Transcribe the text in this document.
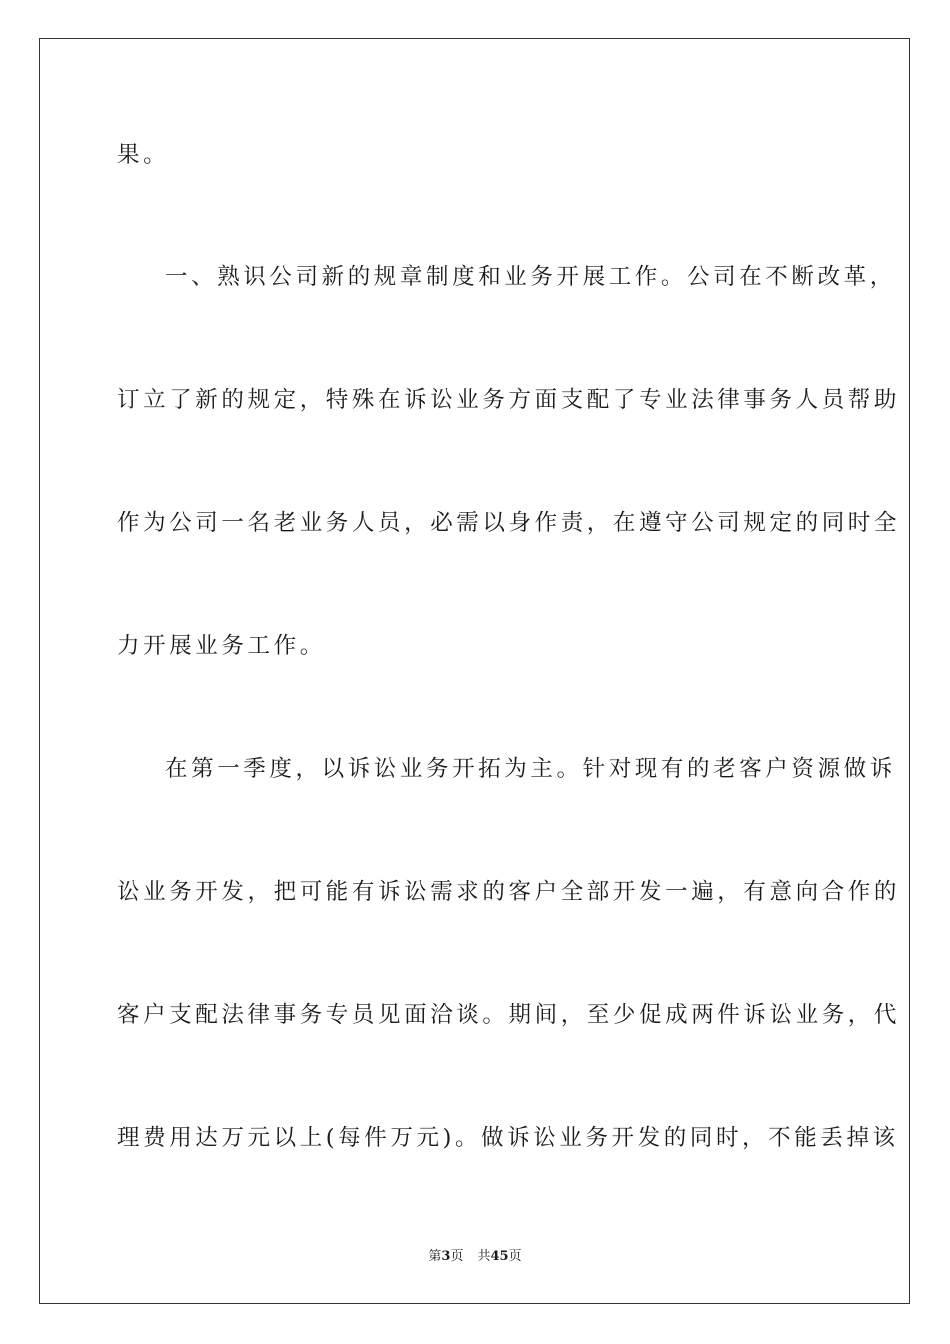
果。
一、熟识公司新的规章制度和业务开展工作。公司在不断改革，
订立了新的规定，特殊在诉讼业务方面支配了专业法律事务人员帮助
作为公司一名老业务人员，必需以身作责，在遵守公司规定的同时全
力开展业务工作。
在第一季度，以诉讼业务开拓为主。针对现有的老客户资源做诉
讼业务开发，把可能有诉讼需求的客户全部开发一遍，有意向合作的
客户支配法律事务专员见面洽谈。期间，至少促成两件诉讼业务，代
理费用达万元以上(每件万元)。做诉讼业务开发的同时，不能丢掉该
第3页 共45页
